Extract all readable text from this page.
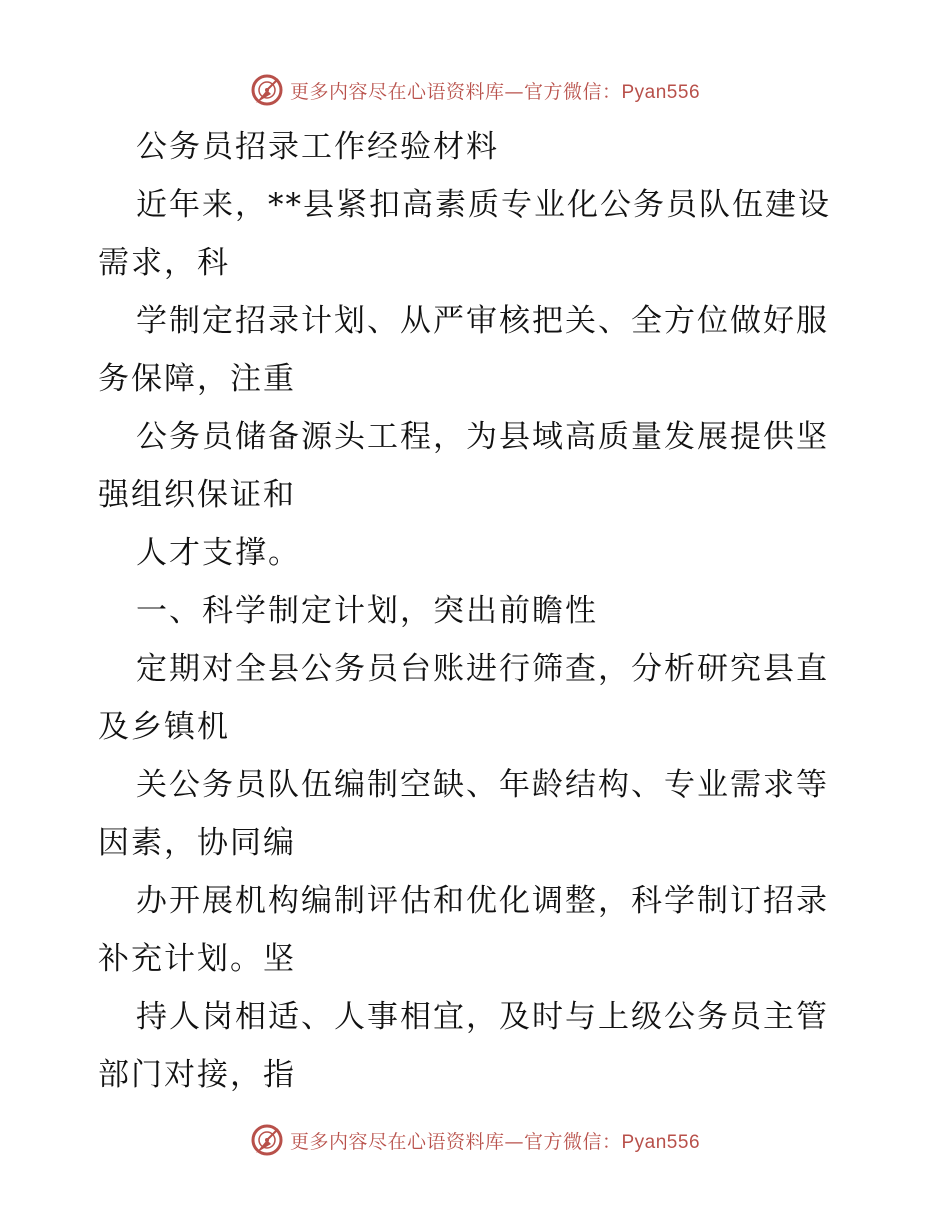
更多内容尽在心语资料库—官方微信：Pyan556
公务员招录工作经验材料
近年来，**县紧扣高素质专业化公务员队伍建设
需求，科
学制定招录计划、从严审核把关、全方位做好服
务保障，注重
公务员储备源头工程，为县域高质量发展提供坚
强组织保证和
人才支撑。
一、科学制定计划，突出前瞻性
定期对全县公务员台账进行筛查，分析研究县直
及乡镇机
关公务员队伍编制空缺、年龄结构、专业需求等
因素，协同编
办开展机构编制评估和优化调整，科学制订招录
补充计划。坚
持人岗相适、人事相宜，及时与上级公务员主管
部门对接，指
更多内容尽在心语资料库—官方微信：Pyan556
